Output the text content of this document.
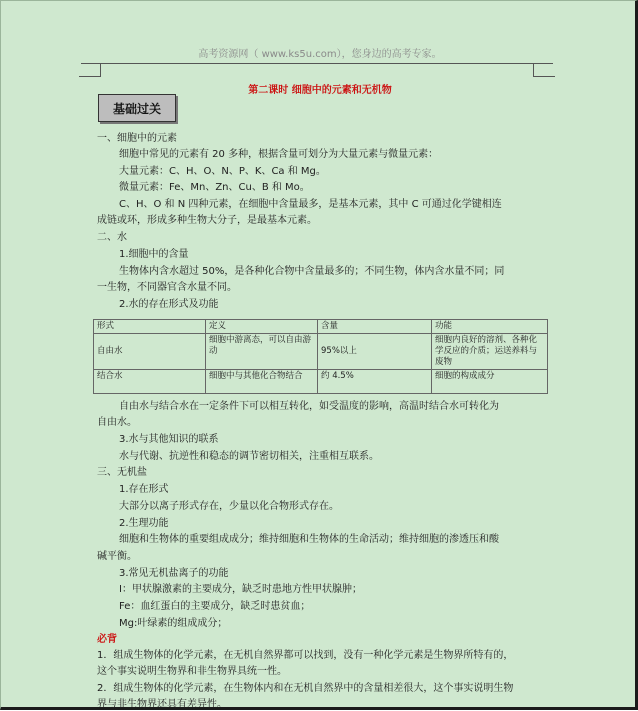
高考资源网（ www.ks5u.com），您身边的高考专家。
第二课时 细胞中的元素和无机物
基础过关
一、细胞中的元素
细胞中常见的元素有 20 多种，根据含量可划分为大量元素与微量元素：
大量元素：C、H、O、N、P、K、Ca 和 Mg。
微量元素：Fe、Mn、Zn、Cu、B 和 Mo。
C、H、O 和 N 四种元素，在细胞中含量最多，是基本元素，其中 C 可通过化学键相连
成链或环，形成多种生物大分子，是最基本元素。
二、水
1.细胞中的含量
生物体内含水超过 50%，是各种化合物中含量最多的；不同生物，体内含水量不同；同
一生物，不同器官含水量不同。
2.水的存在形式及功能
形式	定义	含量	功能
自由水	细胞中游离态，可以自由游动	95%以上	细胞内良好的溶剂、各种化学反应的介质；运送养料与废物
结合水	细胞中与其他化合物结合	约 4.5%	细胞的构成成分
自由水与结合水在一定条件下可以相互转化，如受温度的影响，高温时结合水可转化为
自由水。
3.水与其他知识的联系
水与代谢、抗逆性和稳态的调节密切相关，注重相互联系。
三、无机盐
1.存在形式
大部分以离子形式存在，少量以化合物形式存在。
2.生理功能
细胞和生物体的重要组成成分；维持细胞和生物体的生命活动；维持细胞的渗透压和酸
碱平衡。
3.常见无机盐离子的功能
I：甲状腺激素的主要成分，缺乏时患地方性甲状腺肿；
Fe：血红蛋白的主要成分，缺乏时患贫血；
Mg:叶绿素的组成成分；
必背
1．组成生物体的化学元素，在无机自然界都可以找到，没有一种化学元素是生物界所特有的，
这个事实说明生物界和非生物界具统一性。
2．组成生物体的化学元素，在生物体内和在无机自然界中的含量相差很大，这个事实说明生物
界与非生物界还具有差异性。
